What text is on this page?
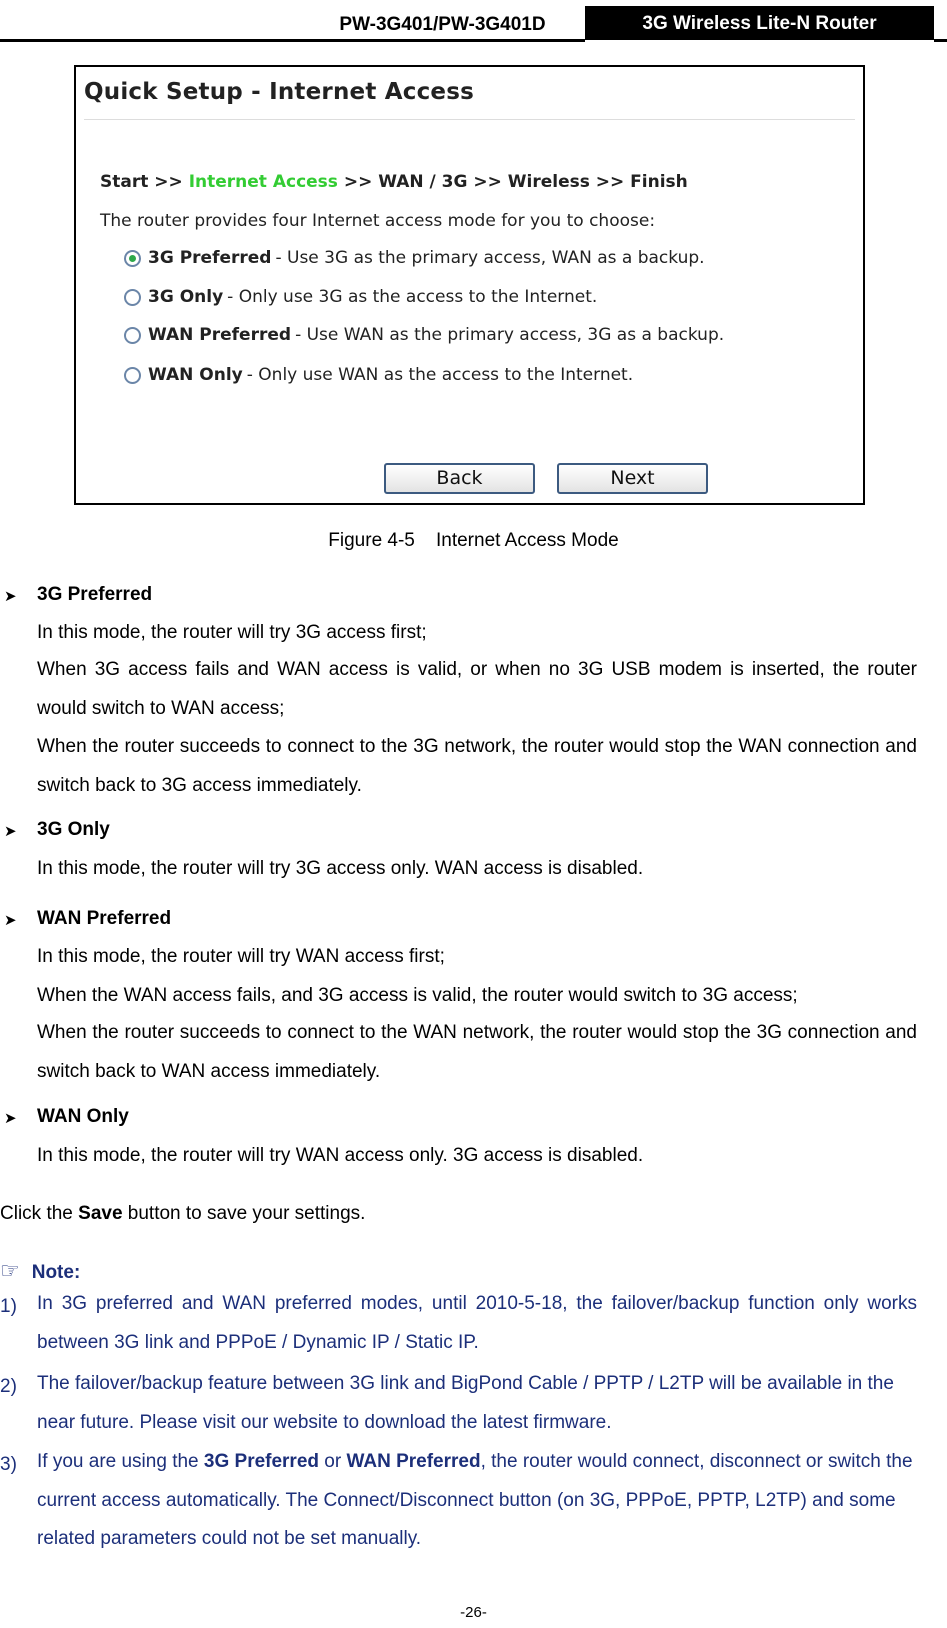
PW-3G401/PW-3G401D	3G Wireless Lite-N Router
Quick Setup - Internet Access
Start >> Internet Access >> WAN / 3G >> Wireless >> Finish
The router provides four Internet access mode for you to choose:
3G Preferred - Use 3G as the primary access, WAN as a backup.
3G Only - Only use 3G as the access to the Internet.
WAN Preferred - Use WAN as the primary access, 3G as a backup.
WAN Only - Only use WAN as the access to the Internet.
Back	Next
Figure 4-5    Internet Access Mode
➤ 3G Preferred
In this mode, the router will try 3G access first;
When 3G access fails and WAN access is valid, or when no 3G USB modem is inserted, the router would switch to WAN access;
When the router succeeds to connect to the 3G network, the router would stop the WAN connection and switch back to 3G access immediately.
➤ 3G Only
In this mode, the router will try 3G access only. WAN access is disabled.
➤ WAN Preferred
In this mode, the router will try WAN access first;
When the WAN access fails, and 3G access is valid, the router would switch to 3G access;
When the router succeeds to connect to the WAN network, the router would stop the 3G connection and switch back to WAN access immediately.
➤ WAN Only
In this mode, the router will try WAN access only. 3G access is disabled.
Click the Save button to save your settings.
☞ Note:
1) In 3G preferred and WAN preferred modes, until 2010-5-18, the failover/backup function only works between 3G link and PPPoE / Dynamic IP / Static IP.
2) The failover/backup feature between 3G link and BigPond Cable / PPTP / L2TP will be available in the near future. Please visit our website to download the latest firmware.
3) If you are using the 3G Preferred or WAN Preferred, the router would connect, disconnect or switch the current access automatically. The Connect/Disconnect button (on 3G, PPPoE, PPTP, L2TP) and some related parameters could not be set manually.
-26-
